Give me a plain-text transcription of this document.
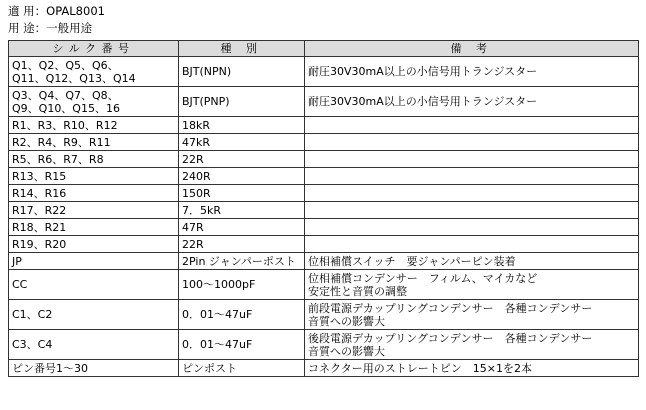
適 用：OPAL8001
用 途：一般用途
シルク番号	種 別	備 考

Q1、Q2、Q5、Q6、
Q11、Q12、Q13、Q14	BJT(NPN)	耐圧30V30mA以上の小信号用トランジスター

Q3、Q4、Q7、Q8、
Q9、Q10、Q15、16	BJT(PNP)	耐圧30V30mA以上の小信号用トランジスター

R1、R3、R10、R12	18kR	

R2、R4、R9、R11	47kR	

R5、R6、R7、R8	22R	

R13、R15	240R	

R14、R16	150R	

R17、R22	7．5kR	

R18、R21	47R	

R19、R20	22R	

JP	2Pin ジャンパーポスト	位相補償スイッチ　要ジャンパーピン装着

CC	100～1000pF	位相補償コンデンサー　フィルム、マイカなど
安定性と音質の調整

C1、C2	0．01～47uF	前段電源デカップリングコンデンサー　各種コンデンサー
音質への影響大

C3、C4	0．01～47uF	後段電源デカップリングコンデンサー　各種コンデンサー
音質への影響大

ピン番号1～30	ピンポスト	コネクター用のストレートピン　15×1を2本
